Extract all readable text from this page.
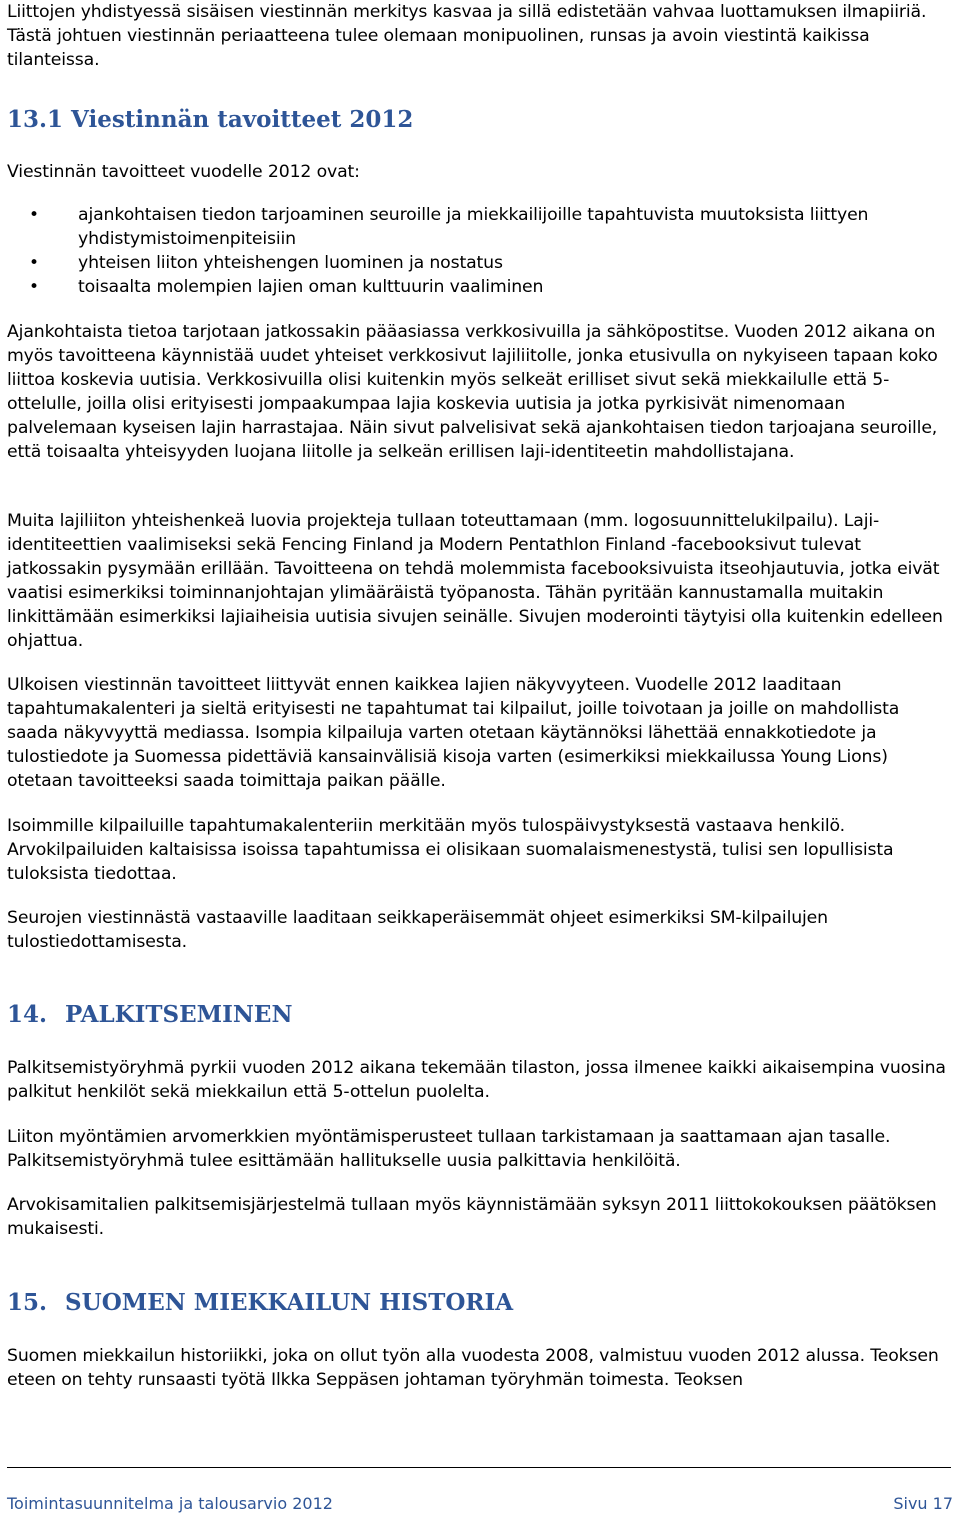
Liittojen yhdistyessä sisäisen viestinnän merkitys kasvaa ja sillä edistetään vahvaa luottamuksen ilmapiiriä. Tästä johtuen viestinnän periaatteena tulee olemaan monipuolinen, runsas ja avoin viestintä kaikissa tilanteissa.

13.1 Viestinnän tavoitteet 2012

Viestinnän tavoitteet vuodelle 2012 ovat:

• ajankohtaisen tiedon tarjoaminen seuroille ja miekkailijoille tapahtuvista muutoksista liittyen yhdistymistoimenpiteisiin
• yhteisen liiton yhteishengen luominen ja nostatus
• toisaalta molempien lajien oman kulttuurin vaaliminen

Ajankohtaista tietoa tarjotaan jatkossakin pääasiassa verkkosivuilla ja sähköpostitse. Vuoden 2012 aikana on myös tavoitteena käynnistää uudet yhteiset verkkosivut lajiliitolle, jonka etusivulla on nykyiseen tapaan koko liittoa koskevia uutisia. Verkkosivuilla olisi kuitenkin myös selkeät erilliset sivut sekä miekkailulle että 5-ottelulle, joilla olisi erityisesti jompaakumpaa lajia koskevia uutisia ja jotka pyrkisivät nimenomaan palvelemaan kyseisen lajin harrastajaa. Näin sivut palvelisivat sekä ajankohtaisen tiedon tarjoajana seuroille, että toisaalta yhteisyyden luojana liitolle ja selkeän erillisen laji-identiteetin mahdollistajana.

Muita lajiliiton yhteishenkeä luovia projekteja tullaan toteuttamaan (mm. logosuunnittelukilpailu). Laji-identiteettien vaalimiseksi sekä Fencing Finland ja Modern Pentathlon Finland -facebooksivut tulevat jatkossakin pysymään erillään. Tavoitteena on tehdä molemmista facebooksivuista itseohjautuvia, jotka eivät vaatisi esimerkiksi toiminnanjohtajan ylimääräistä työpanosta. Tähän pyritään kannustamalla muitakin linkittämään esimerkiksi lajiaiheisia uutisia sivujen seinälle. Sivujen moderointi täytyisi olla kuitenkin edelleen ohjattua.

Ulkoisen viestinnän tavoitteet liittyvät ennen kaikkea lajien näkyvyyteen. Vuodelle 2012 laaditaan tapahtumakalenteri ja sieltä erityisesti ne tapahtumat tai kilpailut, joille toivotaan ja joille on mahdollista saada näkyvyyttä mediassa. Isompia kilpailuja varten otetaan käytännöksi lähettää ennakkotiedote ja tulostiedote ja Suomessa pidettäviä kansainvälisiä kisoja varten (esimerkiksi miekkailussa Young Lions) otetaan tavoitteeksi saada toimittaja paikan päälle.

Isoimmille kilpailuille tapahtumakalenteriin merkitään myös tulospäivystyksestä vastaava henkilö. Arvokilpailuiden kaltaisissa isoissa tapahtumissa ei olisikaan suomalaismenestystä, tulisi sen lopullisista tuloksista tiedottaa.

Seurojen viestinnästä vastaaville laaditaan seikkaperäisemmät ohjeet esimerkiksi SM-kilpailujen tulostiedottamisesta.

14. PALKITSEMINEN

Palkitsemistyöryhmä pyrkii vuoden 2012 aikana tekemään tilaston, jossa ilmenee kaikki aikaisempina vuosina palkitut henkilöt sekä miekkailun että 5-ottelun puolelta.

Liiton myöntämien arvomerkkien myöntämisperusteet tullaan tarkistamaan ja saattamaan ajan tasalle. Palkitsemistyöryhmä tulee esittämään hallitukselle uusia palkittavia henkilöitä.

Arvokisamitalien palkitsemisjärjestelmä tullaan myös käynnistämään syksyn 2011 liittokokouksen päätöksen mukaisesti.

15. SUOMEN MIEKKAILUN HISTORIA

Suomen miekkailun historiikki, joka on ollut työn alla vuodesta 2008, valmistuu vuoden 2012 alussa. Teoksen eteen on tehty runsaasti työtä Ilkka Seppäsen johtaman työryhmän toimesta. Teoksen

Toimintasuunnitelma ja talousarvio 2012	Sivu 17
